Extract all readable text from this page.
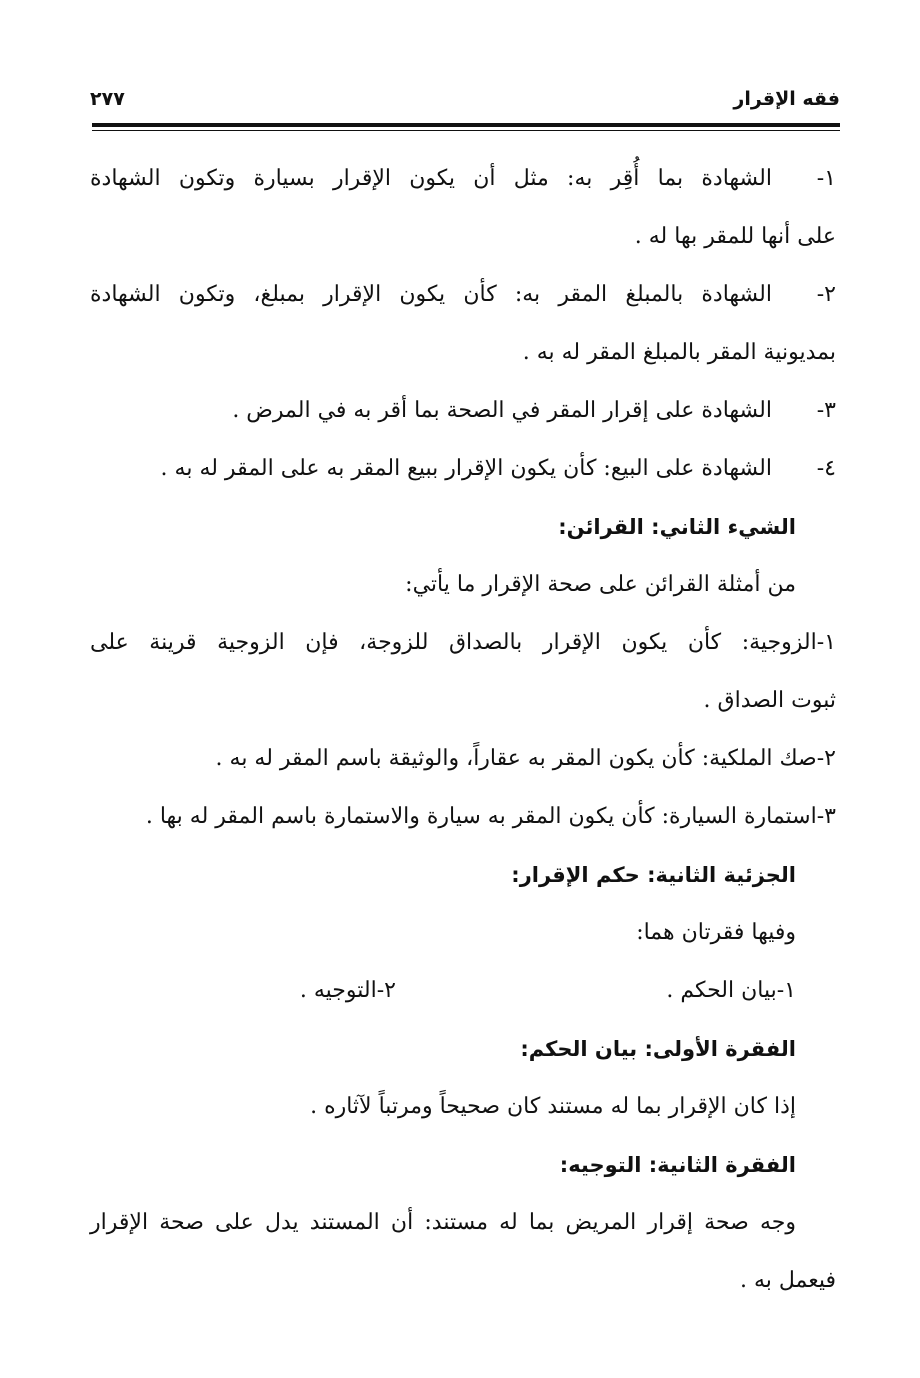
فقه الإقرار
٢٧٧
١-الشهادة بما أُقِر به: مثل أن يكون الإقرار بسيارة وتكون الشهادة
على أنها للمقر بها له .
٢-الشهادة بالمبلغ المقر به: كأن يكون الإقرار بمبلغ، وتكون الشهادة
بمديونية المقر بالمبلغ المقر له به .
٣-الشهادة على إقرار المقر في الصحة بما أقر به في المرض .
٤-الشهادة على البيع: كأن يكون الإقرار ببيع المقر به على المقر له به .
الشيء الثاني: القرائن:
من أمثلة القرائن على صحة الإقرار ما يأتي:
١-الزوجية: كأن يكون الإقرار بالصداق للزوجة، فإن الزوجية قرينة على
ثبوت الصداق .
٢-صك الملكية: كأن يكون المقر به عقاراً، والوثيقة باسم المقر له به .
٣-استمارة السيارة: كأن يكون المقر به سيارة والاستمارة باسم المقر له بها .
الجزئية الثانية: حكم الإقرار:
وفيها فقرتان هما:
١-بيان الحكم .
٢-التوجيه .
الفقرة الأولى: بيان الحكم:
إذا كان الإقرار بما له مستند كان صحيحاً ومرتباً لآثاره .
الفقرة الثانية: التوجيه:
وجه صحة إقرار المريض بما له مستند: أن المستند يدل على صحة الإقرار
فيعمل به .
